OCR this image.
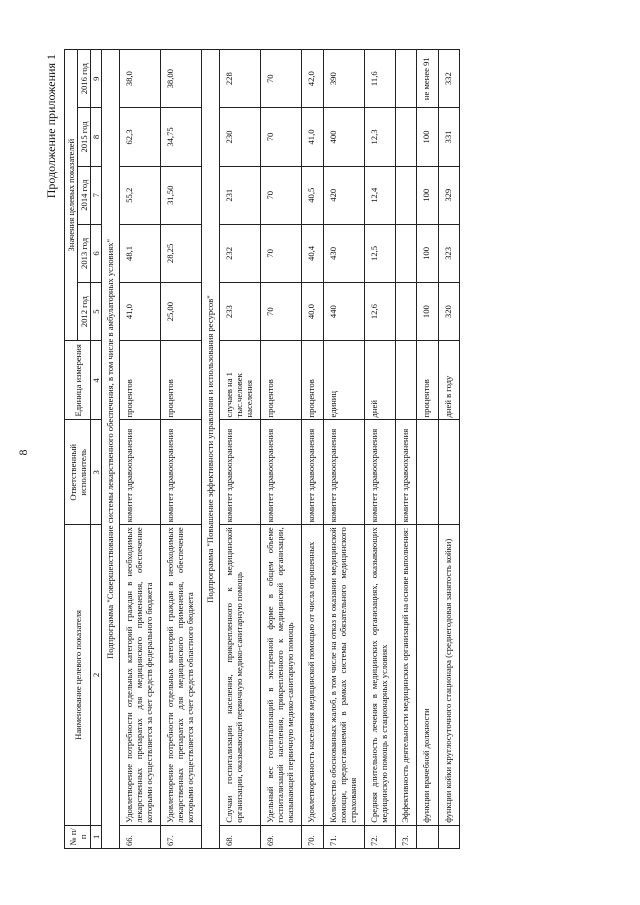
8
Продолжение приложения 1
№ п/п	Наименование целевого показателя	Ответственный исполнитель	Единица измерения	Значения целевых показателей				
				2012 год	2013 год	2014 год	2015 год	2016 год
1	2	3	4	5	6	7	8	9
Подпрограмма "Совершенствование системы лекарственного обеспечения, в том числе в амбулаторных условиях"								
66.	Удовлетворение потребности отдельных категорий граждан в необходимых лекарственных препаратах для медицинского применения, обеспечение которыми осуществляется за счет средств федерального бюджета	комитет здравоохранения	процентов	41,0	48,1	55,2	62,3	38,0
67.	Удовлетворение потребности отдельных категорий граждан в необходимых лекарственных препаратах для медицинского применения, обеспечение которыми осуществляется за счет средств областного бюджета	комитет здравоохранения	процентов	25,00	28,25	31,50	34,75	38,00
Подпрограмма "Повышение эффективности управления и использования ресурсов"								
68.	Случаи госпитализации населения, прикрепленного к медицинской организации, оказывающей первичную медико-санитарную помощь	комитет здравоохранения	случаев на 1 тыс.человек населения	233	232	231	230	228
69.	Удельный вес госпитализаций в экстренной форме в общем объеме госпитализаций населения, прикрепленного к медицинской организации, оказывающей первичную медико-санитарную помощь	комитет здравоохранения	процентов	70	70	70	70	70
70.	Удовлетворенность населения медицинской помощью от числа опрошенных	комитет здравоохранения	процентов	40,0	40,4	40,5	41,0	42,0
71.	Количество обоснованных жалоб, в том числе на отказ в оказании медицинской помощи, предоставляемой в рамках системы обязательного медицинского страхования	комитет здравоохранения	единиц	440	430	420	400	390
72.	Средняя длительность лечения в медицинских организациях, оказывающих медицинскую помощь в стационарных условиях	комитет здравоохранения	дней	12,6	12,5	12,4	12,3	11,6
73.	Эффективность деятельности медицинских организаций на основе выполнения:	комитет здравоохранения						
	функции врачебной должности		процентов	100	100	100	100	не менее 91
	функции койки круглосуточного стационара (среднегодовая занятость койки)		дней в году	320	323	329	331	332
